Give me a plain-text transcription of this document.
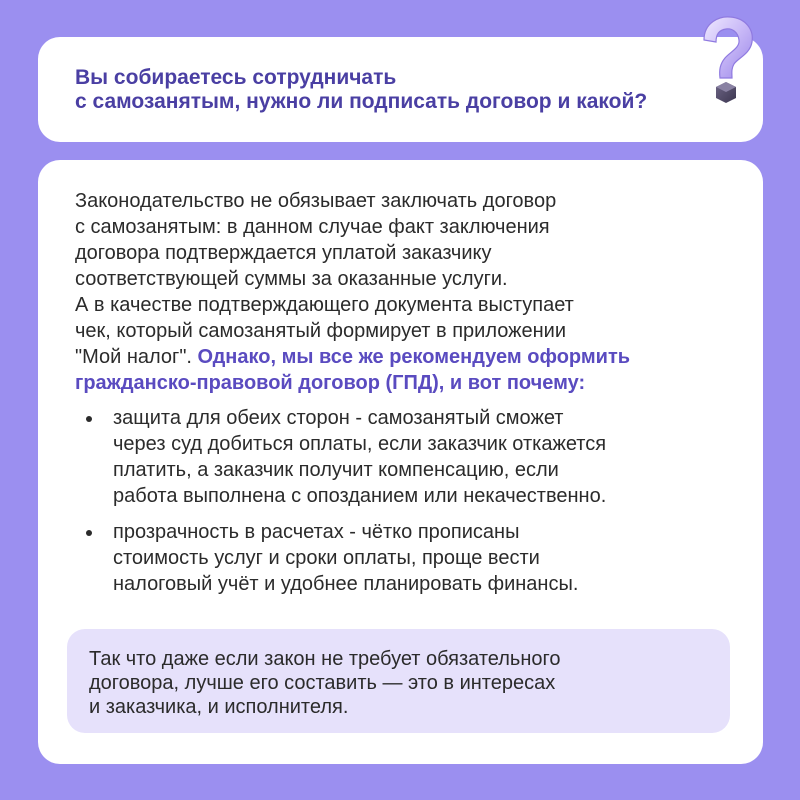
Вы собираетесь сотрудничать
с самозанятым, нужно ли подписать договор и какой?

Законодательство не обязывает заключать договор
с самозанятым: в данном случае факт заключения
договора подтверждается уплатой заказчику
соответствующей суммы за оказанные услуги.
А в качестве подтверждающего документа выступает
чек, который самозанятый формирует в приложении
"Мой налог". Однако, мы все же рекомендуем оформить
гражданско-правовой договор (ГПД), и вот почему:

защита для обеих сторон - самозанятый сможет
через суд добиться оплаты, если заказчик откажется
платить, а заказчик получит компенсацию, если
работа выполнена с опозданием или некачественно.
прозрачность в расчетах - чётко прописаны
стоимость услуг и сроки оплаты, проще вести
налоговый учёт и удобнее планировать финансы.

Так что даже если закон не требует обязательного
договора, лучше его составить — это в интересах
и заказчика, и исполнителя.
